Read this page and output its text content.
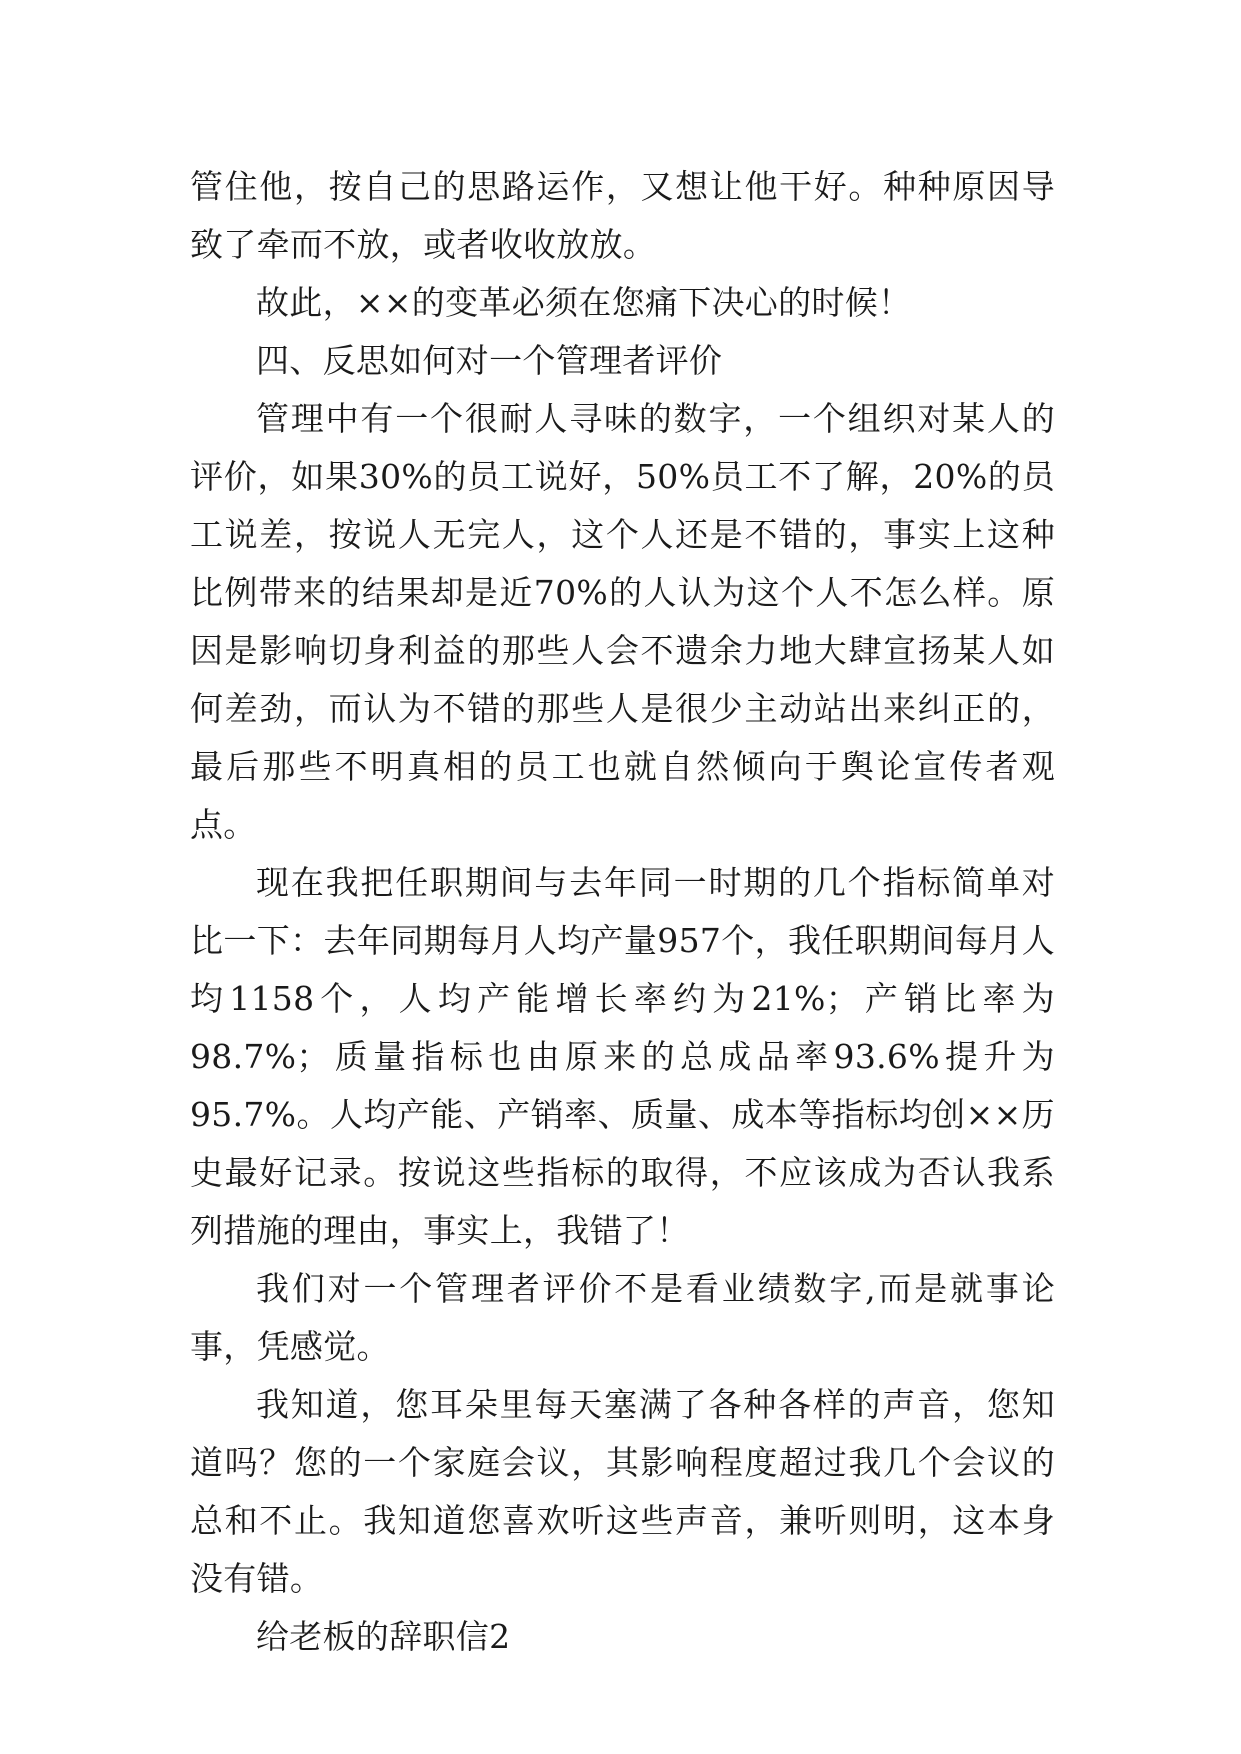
管住他，按自己的思路运作，又想让他干好。种种原因导致了牵而不放，或者收收放放。

故此，××的变革必须在您痛下决心的时候！

四、反思如何对一个管理者评价

管理中有一个很耐人寻味的数字，一个组织对某人的评价，如果30%的员工说好，50%员工不了解，20%的员工说差，按说人无完人，这个人还是不错的，事实上这种比例带来的结果却是近70%的人认为这个人不怎么样。原因是影响切身利益的那些人会不遗余力地大肆宣扬某人如何差劲，而认为不错的那些人是很少主动站出来纠正的，最后那些不明真相的员工也就自然倾向于舆论宣传者观点。

现在我把任职期间与去年同一时期的几个指标简单对比一下：去年同期每月人均产量957个，我任职期间每月人均1158个，人均产能增长率约为21%；产销比率为98.7%；质量指标也由原来的总成品率93.6%提升为95.7%。人均产能、产销率、质量、成本等指标均创××历史最好记录。按说这些指标的取得，不应该成为否认我系列措施的理由，事实上，我错了！

我们对一个管理者评价不是看业绩数字,而是就事论事，凭感觉。

我知道，您耳朵里每天塞满了各种各样的声音，您知道吗？您的一个家庭会议，其影响程度超过我几个会议的总和不止。我知道您喜欢听这些声音，兼听则明，这本身没有错。

给老板的辞职信2
